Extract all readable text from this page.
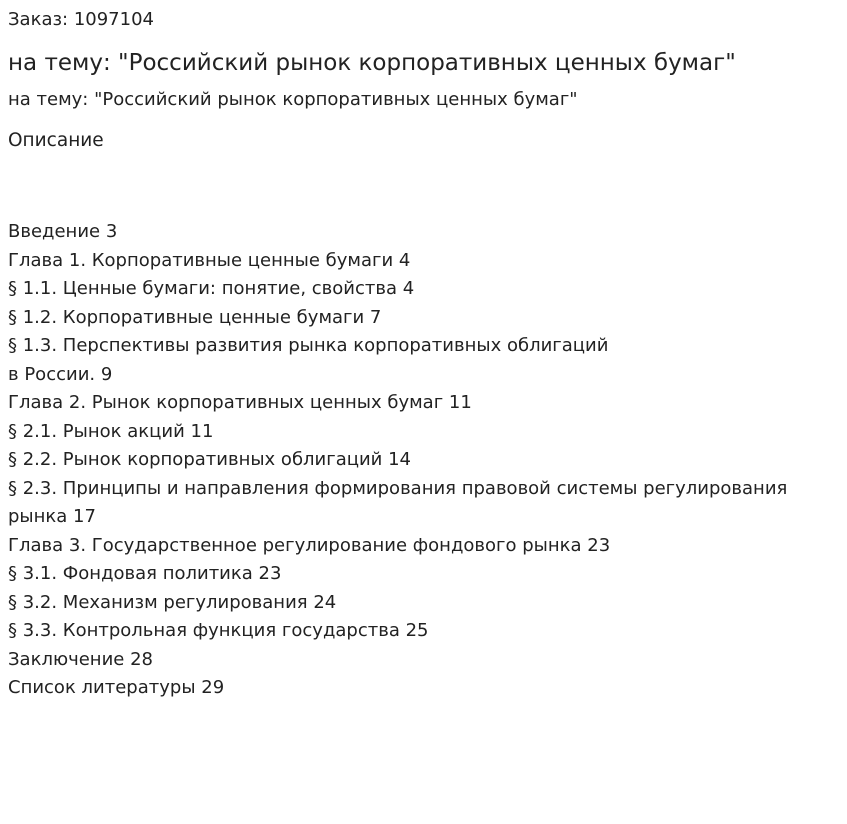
Заказ: 1097104
на тему: "Российский рынок корпоративных ценных бумаг"
на тему: "Российский рынок корпоративных ценных бумаг"
Описание
Введение 3
Глава 1. Корпоративные ценные бумаги 4
§ 1.1. Ценные бумаги: понятие, свойства 4
§ 1.2. Корпоративные ценные бумаги 7
§ 1.3. Перспективы развития рынка корпоративных облигаций
в России. 9
Глава 2. Рынок корпоративных ценных бумаг 11
§ 2.1. Рынок акций 11
§ 2.2. Рынок корпоративных облигаций 14
§ 2.3. Принципы и направления формирования правовой системы регулирования
рынка 17
Глава 3. Государственное регулирование фондового рынка 23
§ 3.1. Фондовая политика 23
§ 3.2. Механизм регулирования 24
§ 3.3. Контрольная функция государства 25
Заключение 28
Список литературы 29
